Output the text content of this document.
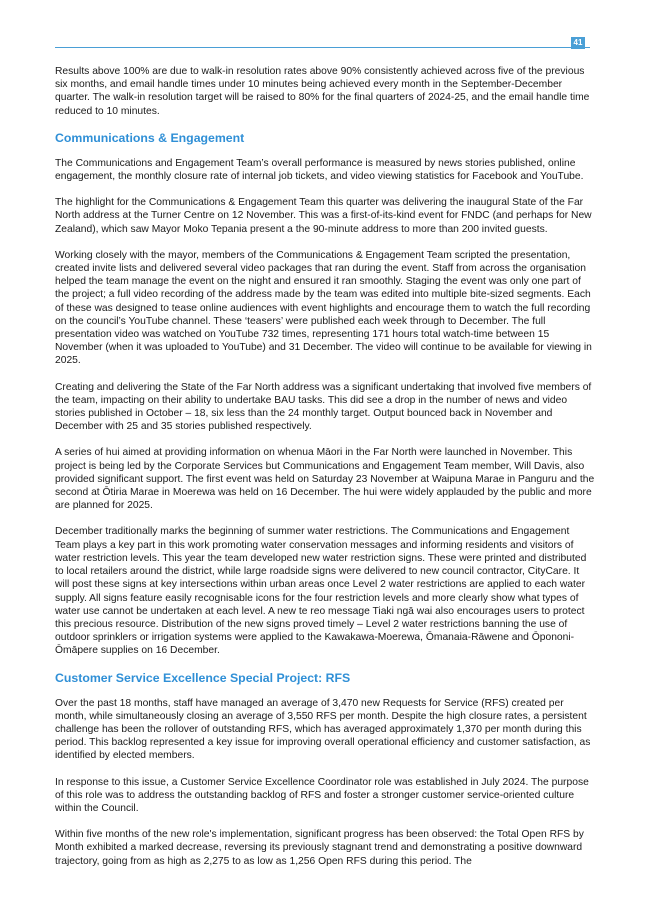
41

Results above 100% are due to walk-in resolution rates above 90% consistently achieved across five of the previous six months, and email handle times under 10 minutes being achieved every month in the September-December quarter. The walk-in resolution target will be raised to 80% for the final quarters of 2024-25, and the email handle time reduced to 10 minutes.

Communications & Engagement

The Communications and Engagement Team’s overall performance is measured by news stories published, online engagement, the monthly closure rate of internal job tickets, and video viewing statistics for Facebook and YouTube.

The highlight for the Communications & Engagement Team this quarter was delivering the inaugural State of the Far North address at the Turner Centre on 12 November. This was a first-of-its-kind event for FNDC (and perhaps for New Zealand), which saw Mayor Moko Tepania present a the 90-minute address to more than 200 invited guests.

Working closely with the mayor, members of the Communications & Engagement Team scripted the presentation, created invite lists and delivered several video packages that ran during the event. Staff from across the organisation helped the team manage the event on the night and ensured it ran smoothly. Staging the event was only one part of the project; a full video recording of the address made by the team was edited into multiple bite-sized segments. Each of these was designed to tease online audiences with event highlights and encourage them to watch the full recording on the council’s YouTube channel. These ‘teasers’ were published each week through to December. The full presentation video was watched on YouTube 732 times, representing 171 hours total watch-time between 15 November (when it was uploaded to YouTube) and 31 December. The video will continue to be available for viewing in 2025.

Creating and delivering the State of the Far North address was a significant undertaking that involved five members of the team, impacting on their ability to undertake BAU tasks. This did see a drop in the number of news and video stories published in October – 18, six less than the 24 monthly target. Output bounced back in November and December with 25 and 35 stories published respectively.

A series of hui aimed at providing information on whenua Māori in the Far North were launched in November. This project is being led by the Corporate Services but Communications and Engagement Team member, Will Davis, also provided significant support. The first event was held on Saturday 23 November at Waipuna Marae in Panguru and the second at Ōtiria Marae in Moerewa was held on 16 December. The hui were widely applauded by the public and more are planned for 2025.

December traditionally marks the beginning of summer water restrictions. The Communications and Engagement Team plays a key part in this work promoting water conservation messages and informing residents and visitors of water restriction levels. This year the team developed new water restriction signs. These were printed and distributed to local retailers around the district, while large roadside signs were delivered to new council contractor, CityCare. It will post these signs at key intersections within urban areas once Level 2 water restrictions are applied to each water supply. All signs feature easily recognisable icons for the four restriction levels and more clearly show what types of water use cannot be undertaken at each level. A new te reo message Tiaki ngā wai also encourages users to protect this precious resource. Distribution of the new signs proved timely – Level 2 water restrictions banning the use of outdoor sprinklers or irrigation systems were applied to the Kawakawa-Moerewa, Ōmanaia-Rāwene and Ōpononi-Ōmāpere supplies on 16 December.

Customer Service Excellence Special Project: RFS

Over the past 18 months, staff have managed an average of 3,470 new Requests for Service (RFS) created per month, while simultaneously closing an average of 3,550 RFS per month. Despite the high closure rates, a persistent challenge has been the rollover of outstanding RFS, which has averaged approximately 1,370 per month during this period. This backlog represented a key issue for improving overall operational efficiency and customer satisfaction, as identified by elected members.

In response to this issue, a Customer Service Excellence Coordinator role was established in July 2024. The purpose of this role was to address the outstanding backlog of RFS and foster a stronger customer service-oriented culture within the Council.

Within five months of the new role's implementation, significant progress has been observed: the Total Open RFS by Month exhibited a marked decrease, reversing its previously stagnant trend and demonstrating a positive downward trajectory, going from as high as 2,275 to as low as 1,256 Open RFS during this period. The
